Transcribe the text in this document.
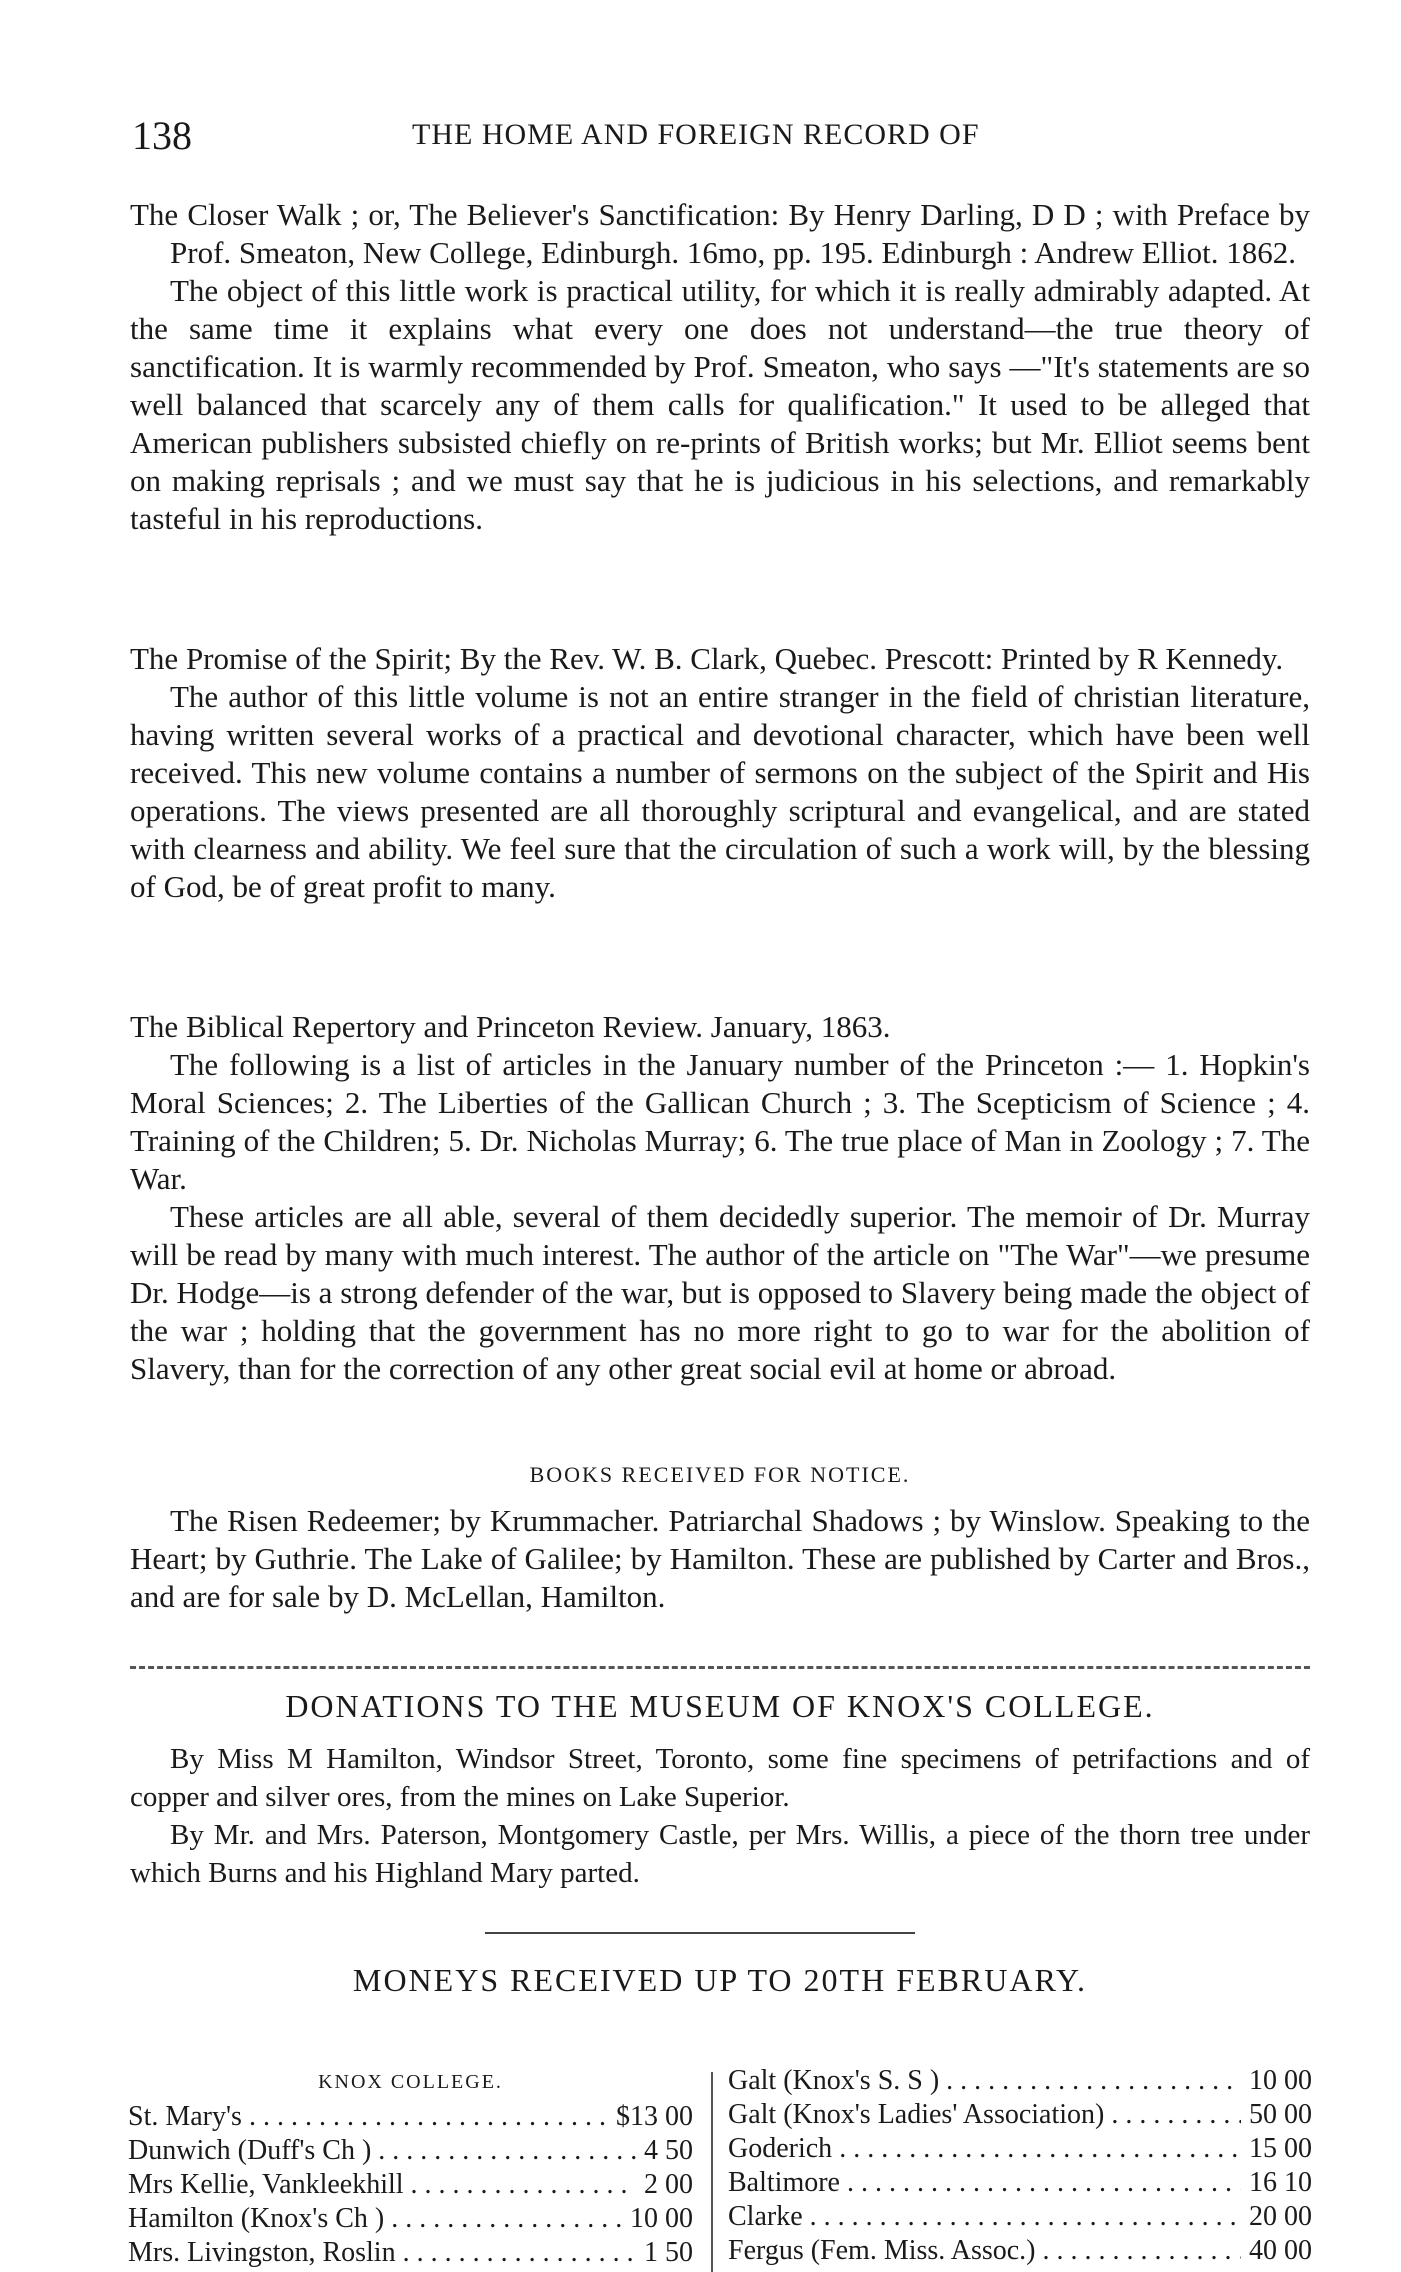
138	THE HOME AND FOREIGN RECORD OF

The Closer Walk ; or, The Believer's Sanctification: By Henry Darling, D D ; with Preface by Prof. Smeaton, New College, Edinburgh. 16mo, pp. 195. Edinburgh : Andrew Elliot. 1862.

The object of this little work is practical utility, for which it is really admirably adapted. At the same time it explains what every one does not understand—the true theory of sanctification. It is warmly recommended by Prof. Smeaton, who says —"It's statements are so well balanced that scarcely any of them calls for qualification." It used to be alleged that American publishers subsisted chiefly on re-prints of British works; but Mr. Elliot seems bent on making reprisals ; and we must say that he is judicious in his selections, and remarkably tasteful in his reproductions.

The Promise of the Spirit; By the Rev. W. B. Clark, Quebec. Prescott: Printed by R Kennedy.

The author of this little volume is not an entire stranger in the field of christian literature, having written several works of a practical and devotional character, which have been well received. This new volume contains a number of sermons on the subject of the Spirit and His operations. The views presented are all thoroughly scriptural and evangelical, and are stated with clearness and ability. We feel sure that the circulation of such a work will, by the blessing of God, be of great profit to many.

The Biblical Repertory and Princeton Review. January, 1863.

The following is a list of articles in the January number of the Princeton :— 1. Hopkin's Moral Sciences; 2. The Liberties of the Gallican Church ; 3. The Scepticism of Science ; 4. Training of the Children; 5. Dr. Nicholas Murray; 6. The true place of Man in Zoology ; 7. The War.

These articles are all able, several of them decidedly superior. The memoir of Dr. Murray will be read by many with much interest. The author of the article on "The War"—we presume Dr. Hodge—is a strong defender of the war, but is opposed to Slavery being made the object of the war ; holding that the government has no more right to go to war for the abolition of Slavery, than for the correction of any other great social evil at home or abroad.

BOOKS RECEIVED FOR NOTICE.

The Risen Redeemer; by Krummacher. Patriarchal Shadows ; by Winslow. Speaking to the Heart; by Guthrie. The Lake of Galilee; by Hamilton. These are published by Carter and Bros., and are for sale by D. McLellan, Hamilton.

DONATIONS TO THE MUSEUM OF KNOX'S COLLEGE.

By Miss M Hamilton, Windsor Street, Toronto, some fine specimens of petrifactions and of copper and silver ores, from the mines on Lake Superior.

By Mr. and Mrs. Paterson, Montgomery Castle, per Mrs. Willis, a piece of the thorn tree under which Burns and his Highland Mary parted.

MONEYS RECEIVED UP TO 20TH FEBRUARY.
KNOX COLLEGE.
St. Mary's . . .	$13 00
Dunwich (Duff's Ch ) . . .	4 50
Mrs Kellie, Vankleekhill . . .	2 00
Hamilton (Knox's Ch ) . . .	10 00
Mrs. Livingston, Roslin . . .	1 50
Galt (Knox's S. S ) . . .	10 00
Galt (Knox's Ladies' Association) . . .	50 00
Goderich . . .	15 00
Baltimore . . .	16 10
Clarke . . .	20 00
Fergus (Fem. Miss. Assoc.) . . .	40 00
